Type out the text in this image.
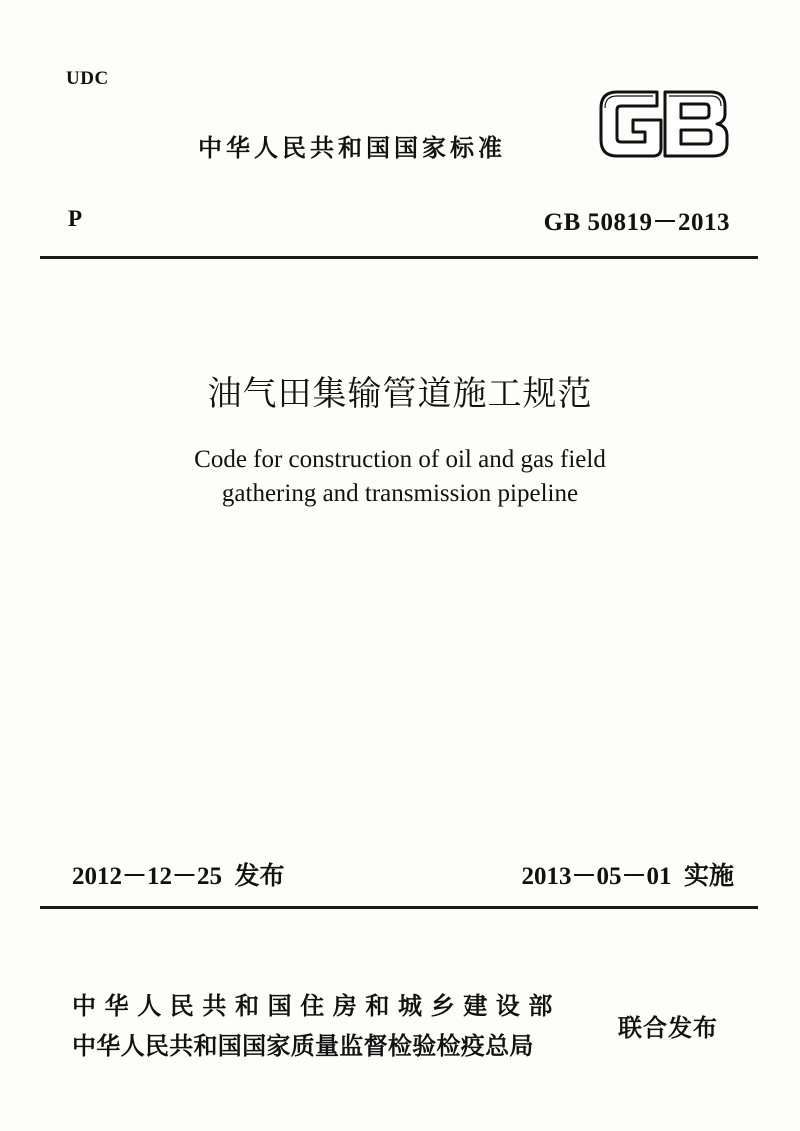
UDC
中华人民共和国国家标准
GB
P	GB 50819－2013
油气田集输管道施工规范
Code for construction of oil and gas field
gathering and transmission pipeline
2012－12－25  发布	2013－05－01  实施
中华人民共和国住房和城乡建设部
中华人民共和国国家质量监督检验检疫总局
联合发布
